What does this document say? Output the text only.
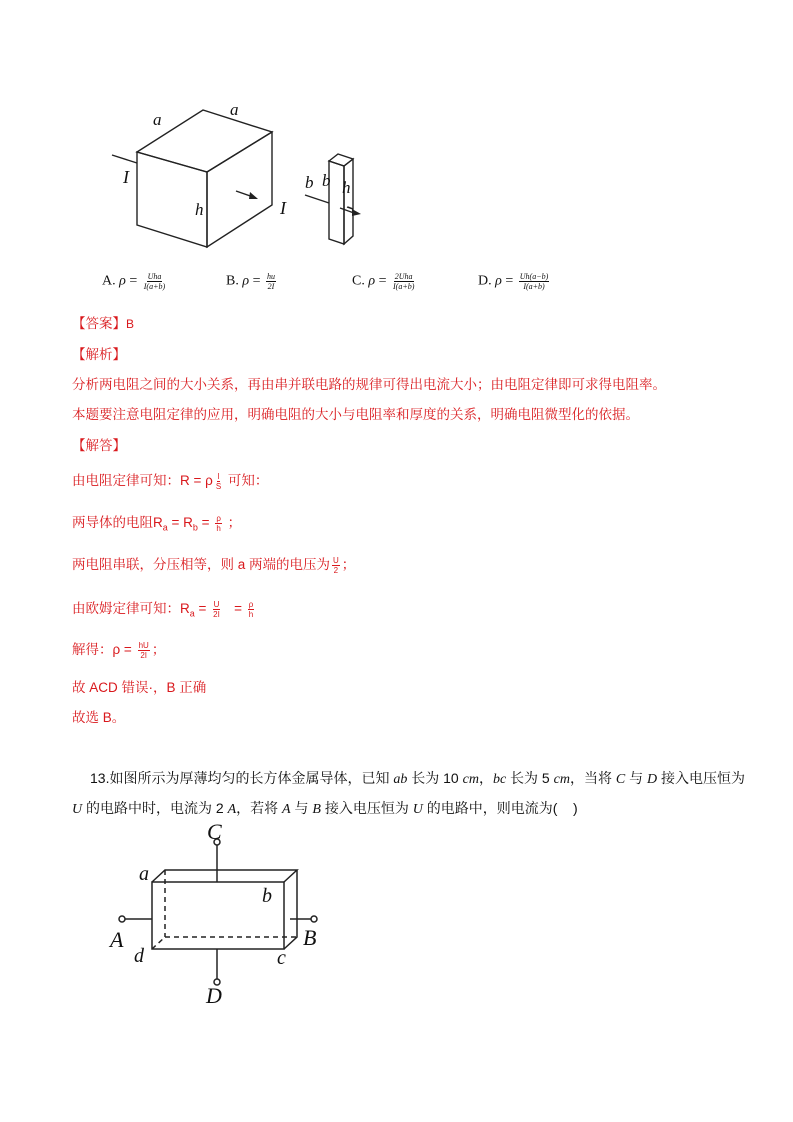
a
a
I
h	I
b b h
A. $\rho = \frac{\text{Uha}}{I(a+b)}$	B. $\rho = \frac{hu}{2I}$	C. $\rho = \frac{\text{2Uha}}{I(a+b)}$	D. $\rho = \frac{Uh(a-b)}{I(a+b)}$
【答案】B
【解析】
分析两电阻之间的大小关系，再由串并联电路的规律可得出电流大小；由电阻定律即可求得电阻率。
本题要注意电阻定律的应用，明确电阻的大小与电阻率和厚度的关系，明确电阻微型化的依据。
【解答】
由电阻定律可知：R = ρ $\frac{l}{S}$ 可知：
两导体的电阻$R_a = R_b = \frac{\rho}{h}$ ；
两电阻串联，分压相等，则 a 两端的电压为 $\frac{U}{2}$ ；
由欧姆定律可知：$R_a = \frac{U}{2I} = \frac{\rho}{h}$
解得：$\rho = \frac{hU}{2I}$ ；
故 ACD 错误·，B 正确
故选 B。
13.如图所示为厚薄均匀的长方体金属导体，已知 ab 长为 10 cm，bc 长为 5 cm，当将 C 与 D 接入电压恒为
U 的电路中时，电流为 2 A，若将 A 与 B 接入电压恒为 U 的电路中，则电流为(    )
C
a
b
A	B
d	c
D
